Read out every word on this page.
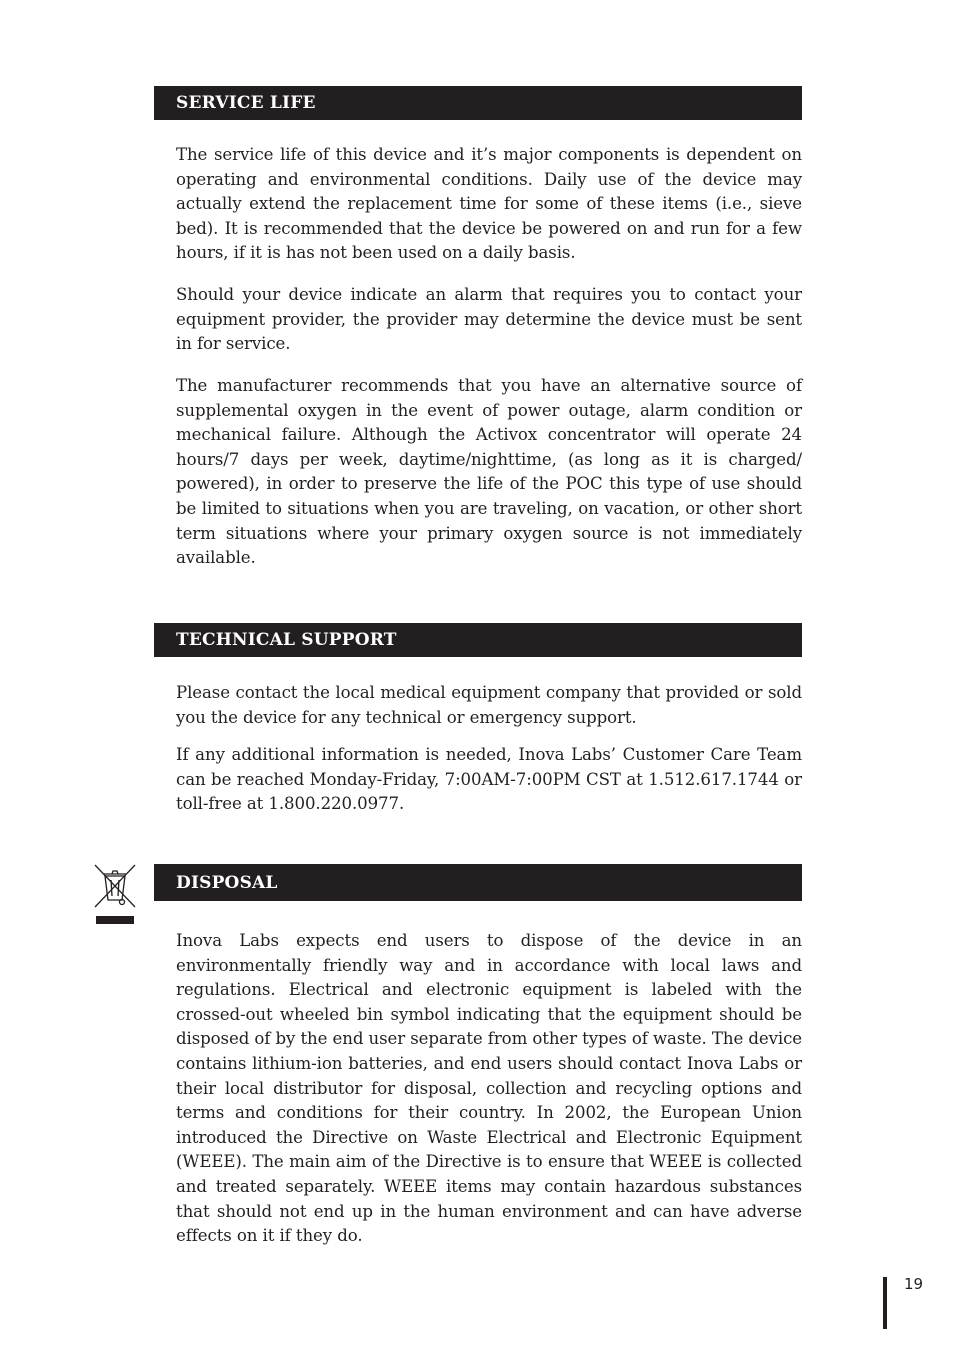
SERVICE LIFE

The service life of this device and it’s major components is dependent on operating and environmental conditions. Daily use of the device may actually extend the replacement time for some of these items (i.e., sieve bed). It is recommended that the device be powered on and run for a few hours, if it is has not been used on a daily basis.

Should your device indicate an alarm that requires you to contact your equipment provider, the provider may determine the device must be sent in for service.

The manufacturer recommends that you have an alternative source of supplemental oxygen in the event of power outage, alarm condition or mechanical failure. Although the Activox concentrator will operate 24 hours/7 days per week, daytime/nighttime, (as long as it is charged/ powered), in order to preserve the life of the POC this type of use should be limited to situations when you are traveling, on vacation, or other short term situations where your primary oxygen source is not immediately available.

TECHNICAL SUPPORT

Please contact the local medical equipment company that provided or sold you the device for any technical or emergency support.

If any additional information is needed, Inova Labs’ Customer Care Team can be reached Monday-Friday, 7:00AM-7:00PM CST at 1.512.617.1744 or toll-free at 1.800.220.0977.

DISPOSAL

Inova Labs expects end users to dispose of the device in an environmentally friendly way and in accordance with local laws and regulations. Electrical and electronic equipment is labeled with the crossed-out wheeled bin symbol indicating that the equipment should be disposed of by the end user separate from other types of waste. The device contains lithium-ion batteries, and end users should contact Inova Labs or their local distributor for disposal, collection and recycling options and terms and conditions for their country. In 2002, the European Union introduced the Directive on Waste Electrical and Electronic Equipment (WEEE). The main aim of the Directive is to ensure that WEEE is collected and treated separately. WEEE items may contain hazardous substances that should not end up in the human environment and can have adverse effects on it if they do.

19
